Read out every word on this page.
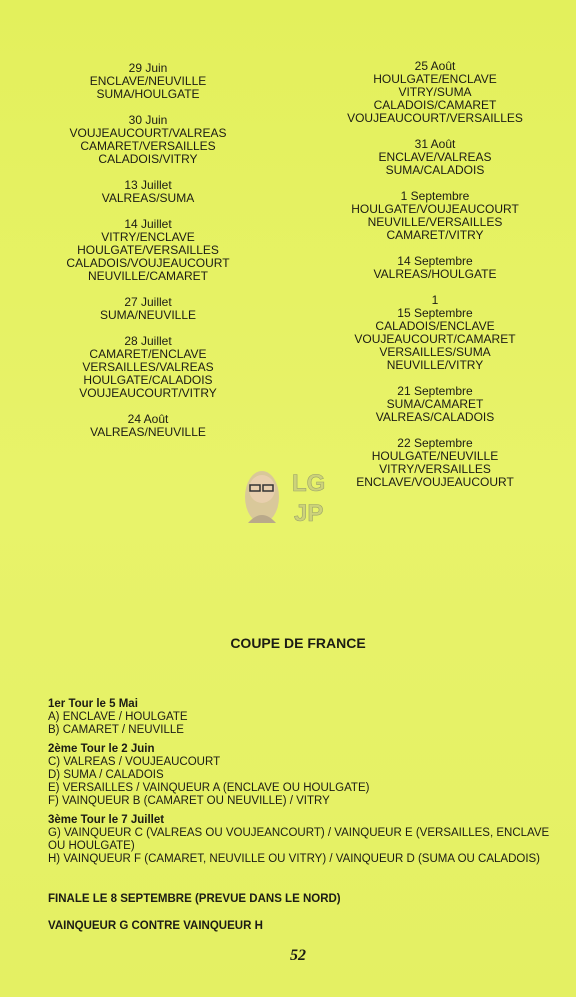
29 Juin
ENCLAVE/NEUVILLE
SUMA/HOULGATE
30 Juin
VOUJEAUCOURT/VALREAS
CAMARET/VERSAILLES
CALADOIS/VITRY
13 Juillet
VALREAS/SUMA
14 Juillet
VITRY/ENCLAVE
HOULGATE/VERSAILLES
CALADOIS/VOUJEAUCOURT
NEUVILLE/CAMARET
27 Juillet
SUMA/NEUVILLE
28 Juillet
CAMARET/ENCLAVE
VERSAILLES/VALREAS
HOULGATE/CALADOIS
VOUJEAUCOURT/VITRY
24 Août
VALREAS/NEUVILLE
25 Août
HOULGATE/ENCLAVE
VITRY/SUMA
CALADOIS/CAMARET
VOUJEAUCOURT/VERSAILLES
31 Août
ENCLAVE/VALREAS
SUMA/CALADOIS
1 Septembre
HOULGATE/VOUJEAUCOURT
NEUVILLE/VERSAILLES
CAMARET/VITRY
14 Septembre
VALREAS/HOULGATE
1
15 Septembre
CALADOIS/ENCLAVE
VOUJEAUCOURT/CAMARET
VERSAILLES/SUMA
NEUVILLE/VITRY
21 Septembre
SUMA/CAMARET
VALREAS/CALADOIS
22 Septembre
HOULGATE/NEUVILLE
VITRY/VERSAILLES
ENCLAVE/VOUJEAUCOURT
LG
JP
COUPE DE FRANCE
1er Tour le 5 Mai
A) ENCLAVE / HOULGATE
B) CAMARET / NEUVILLE
2ème Tour le 2 Juin
C) VALREAS / VOUJEAUCOURT
D) SUMA / CALADOIS
E) VERSAILLES / VAINQUEUR A (ENCLAVE OU HOULGATE)
F) VAINQUEUR B (CAMARET OU NEUVILLE) / VITRY
3ème Tour le 7 Juillet
G) VAINQUEUR C (VALREAS OU VOUJEANCOURT) / VAINQUEUR E (VERSAILLES, ENCLAVE OU HOULGATE)
H) VAINQUEUR F (CAMARET, NEUVILLE OU VITRY) / VAINQUEUR D (SUMA OU CALADOIS)
FINALE LE 8 SEPTEMBRE (PREVUE DANS LE NORD)
VAINQUEUR G CONTRE VAINQUEUR H
52
